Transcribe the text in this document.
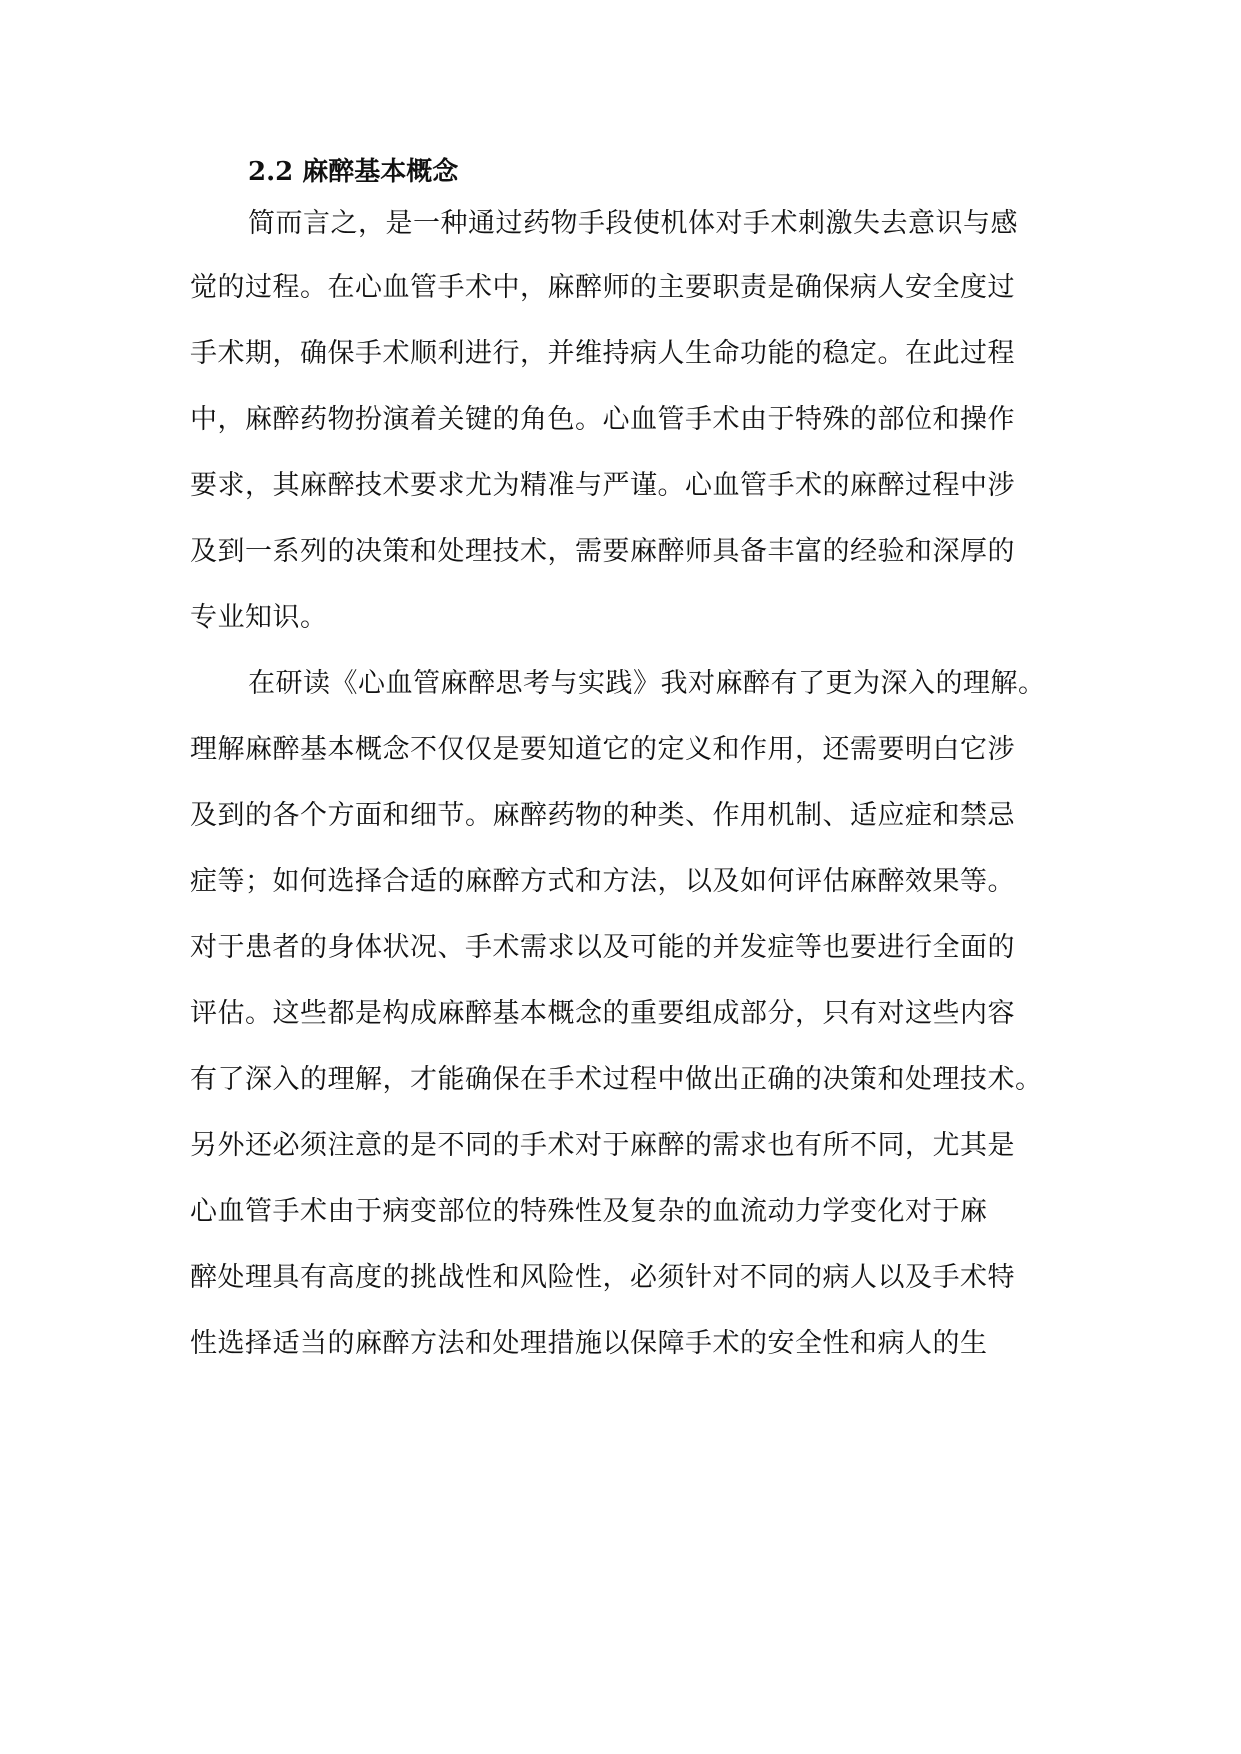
2.2 麻醉基本概念
简而言之，是一种通过药物手段使机体对手术刺激失去意识与感
觉的过程。在心血管手术中，麻醉师的主要职责是确保病人安全度过
手术期，确保手术顺利进行，并维持病人生命功能的稳定。在此过程
中，麻醉药物扮演着关键的角色。心血管手术由于特殊的部位和操作
要求，其麻醉技术要求尤为精准与严谨。心血管手术的麻醉过程中涉
及到一系列的决策和处理技术，需要麻醉师具备丰富的经验和深厚的
专业知识。
在研读《心血管麻醉思考与实践》我对麻醉有了更为深入的理解。
理解麻醉基本概念不仅仅是要知道它的定义和作用，还需要明白它涉
及到的各个方面和细节。麻醉药物的种类、作用机制、适应症和禁忌
症等；如何选择合适的麻醉方式和方法，以及如何评估麻醉效果等。
对于患者的身体状况、手术需求以及可能的并发症等也要进行全面的
评估。这些都是构成麻醉基本概念的重要组成部分，只有对这些内容
有了深入的理解，才能确保在手术过程中做出正确的决策和处理技术。
另外还必须注意的是不同的手术对于麻醉的需求也有所不同，尤其是
心血管手术由于病变部位的特殊性及复杂的血流动力学变化对于麻
醉处理具有高度的挑战性和风险性，必须针对不同的病人以及手术特
性选择适当的麻醉方法和处理措施以保障手术的安全性和病人的生
